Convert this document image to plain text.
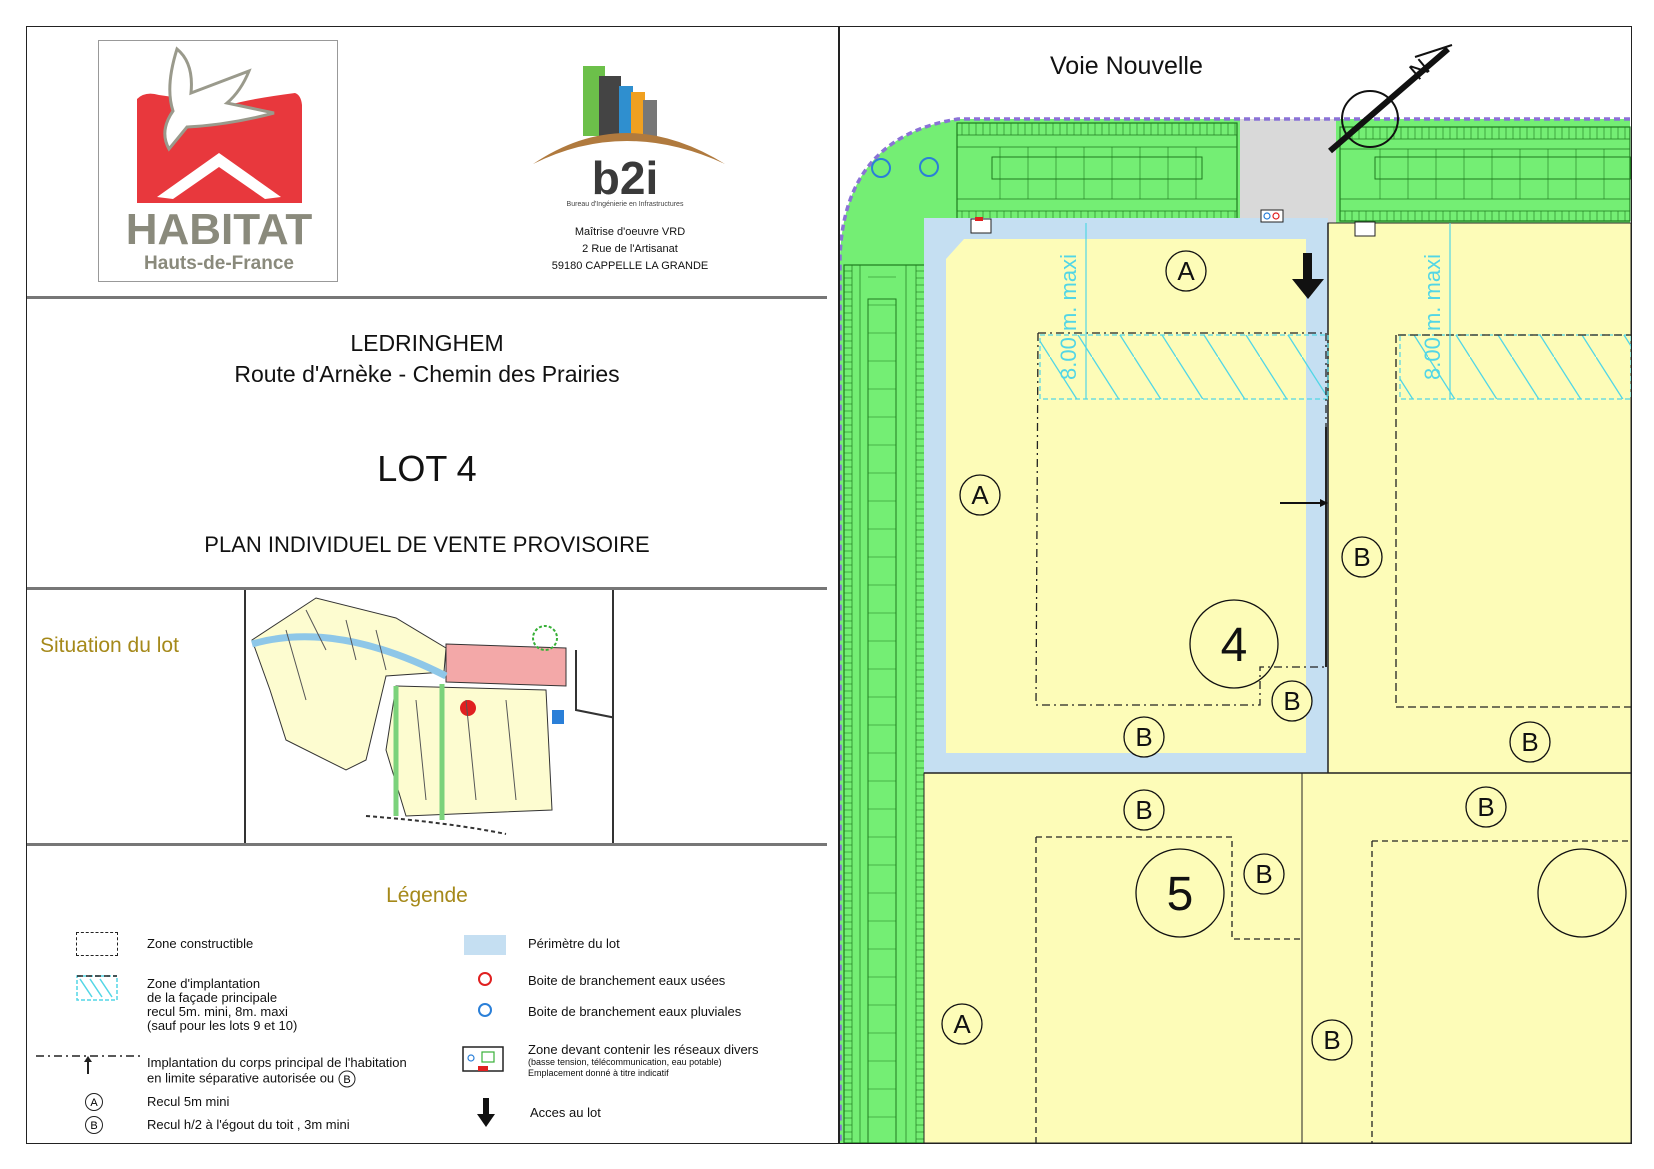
HABITAT
Hauts-de-France
b2i
Bureau d'Ingénierie en Infrastructures
Maîtrise d'oeuvre VRD
2 Rue de l'Artisanat
59180 CAPPELLE LA GRANDE
LEDRINGHEM
Route d'Arnèke - Chemin des Prairies
LOT 4
PLAN INDIVIDUEL DE VENTE PROVISOIRE
Situation du lot
Légende
Zone constructible
Zone d'implantation
de la façade principale
recul 5m. mini, 8m. maxi
(sauf pour les lots 9 et 10)
Implantation du corps principal de l'habitation
en limite séparative autorisée ou B
A	Recul 5m mini
B	Recul h/2 à l'égout du toit , 3m mini
Périmètre du lot
Boite de branchement eaux usées
Boite de branchement eaux pluviales
Zone devant contenir les réseaux divers
(basse tension, télécommunication, eau potable)
Emplacement donné à titre indicatif
Acces au lot
Voie Nouvelle
8.00 m. maxi	8.00 m. maxi
N
4
5
A
A
B
B
B
B
B
B
B
A
B
